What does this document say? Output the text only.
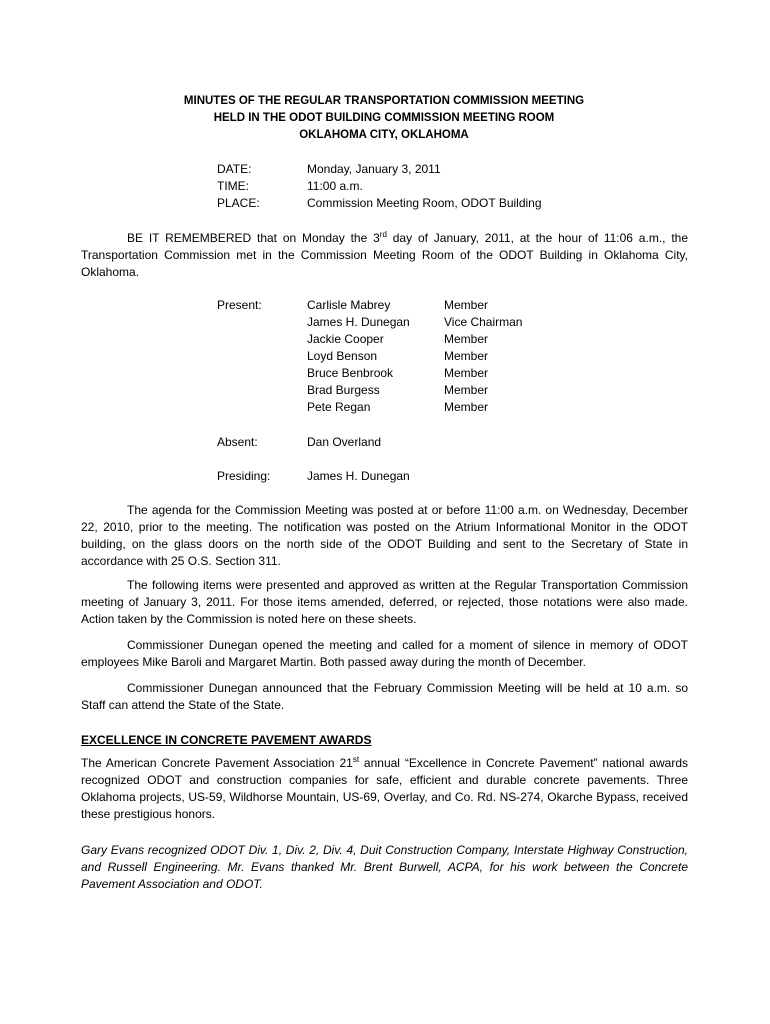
MINUTES OF THE REGULAR TRANSPORTATION COMMISSION MEETING
HELD IN THE ODOT BUILDING COMMISSION MEETING ROOM
OKLAHOMA CITY, OKLAHOMA
DATE:	Monday, January 3, 2011
TIME:	11:00 a.m.
PLACE:	Commission Meeting Room, ODOT Building
BE IT REMEMBERED that on Monday the 3rd day of January, 2011, at the hour of 11:06 a.m., the Transportation Commission met in the Commission Meeting Room of the ODOT Building in Oklahoma City, Oklahoma.
Present:	Carlisle Mabrey	Member
James H. Dunegan	Vice Chairman
Jackie Cooper	Member
Loyd Benson	Member
Bruce Benbrook	Member
Brad Burgess	Member
Pete Regan	Member
Absent:	Dan Overland
Presiding:	James H. Dunegan
The agenda for the Commission Meeting was posted at or before 11:00 a.m. on Wednesday, December 22, 2010, prior to the meeting. The notification was posted on the Atrium Informational Monitor in the ODOT building, on the glass doors on the north side of the ODOT Building and sent to the Secretary of State in accordance with 25 O.S. Section 311.
The following items were presented and approved as written at the Regular Transportation Commission meeting of January 3, 2011. For those items amended, deferred, or rejected, those notations were also made. Action taken by the Commission is noted here on these sheets.
Commissioner Dunegan opened the meeting and called for a moment of silence in memory of ODOT employees Mike Baroli and Margaret Martin. Both passed away during the month of December.
Commissioner Dunegan announced that the February Commission Meeting will be held at 10 a.m. so Staff can attend the State of the State.
EXCELLENCE IN CONCRETE PAVEMENT AWARDS
The American Concrete Pavement Association 21st annual “Excellence in Concrete Pavement” national awards recognized ODOT and construction companies for safe, efficient and durable concrete pavements. Three Oklahoma projects, US-59, Wildhorse Mountain, US-69, Overlay, and Co. Rd. NS-274, Okarche Bypass, received these prestigious honors.
Gary Evans recognized ODOT Div. 1, Div. 2, Div. 4, Duit Construction Company, Interstate Highway Construction, and Russell Engineering. Mr. Evans thanked Mr. Brent Burwell, ACPA, for his work between the Concrete Pavement Association and ODOT.
